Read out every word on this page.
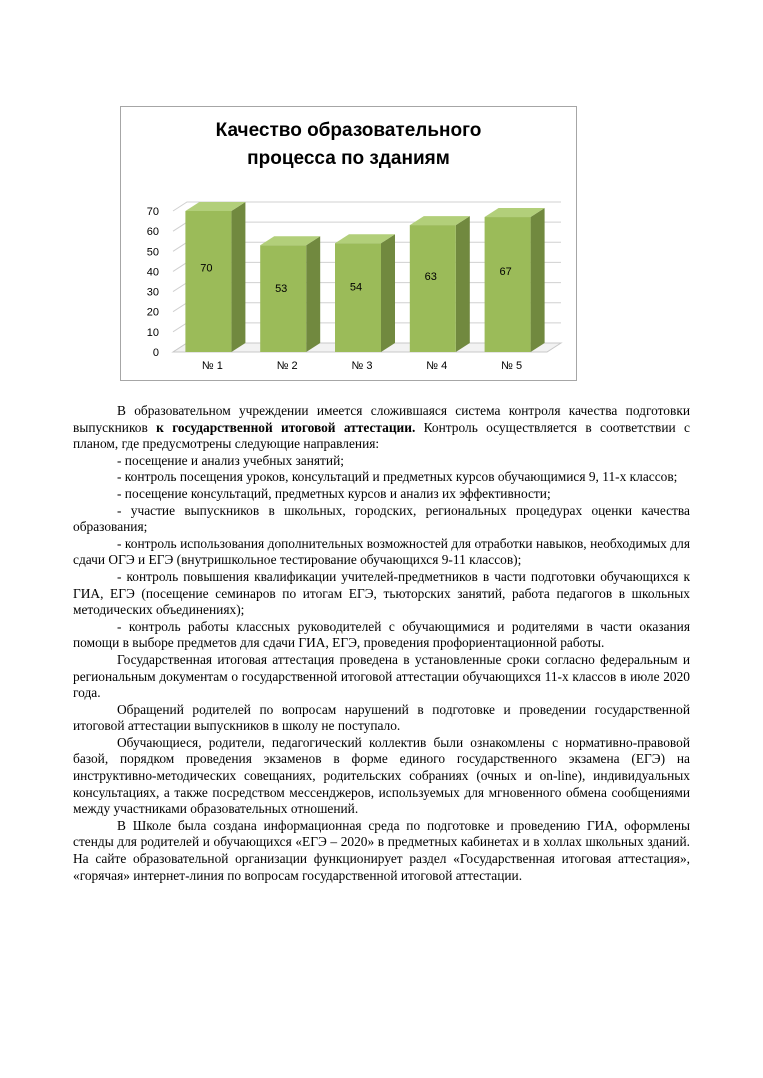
Качество образовательного
процесса по зданиям
0
10
20
30
40
50
60
70
70
№ 1
53
№ 2
54
№ 3
63
№ 4
67
№ 5

В образовательном учреждении имеется сложившаяся система контроля качества подготовки выпускников к государственной итоговой аттестации. Контроль осуществляется в соответствии с планом, где предусмотрены следующие направления:

- посещение и анализ учебных занятий;

- контроль посещения уроков, консультаций и предметных курсов обучающимися 9, 11-х классов;

- посещение консультаций, предметных курсов и анализ их эффективности;

- участие выпускников в школьных, городских, региональных процедурах оценки качества образования;

- контроль использования дополнительных возможностей для отработки навыков, необходимых для сдачи ОГЭ и ЕГЭ (внутришкольное тестирование обучающихся 9-11 классов);

- контроль повышения квалификации учителей-предметников в части подготовки обучающихся к ГИА, ЕГЭ (посещение семинаров по итогам ЕГЭ, тьюторских занятий, работа педагогов в школьных методических объединениях);

- контроль работы классных руководителей с обучающимися и родителями в части оказания помощи в выборе предметов для сдачи ГИА, ЕГЭ, проведения профориентационной работы.

Государственная итоговая аттестация проведена в установленные сроки согласно федеральным и региональным документам о государственной итоговой аттестации обучающихся 11-х классов в июле 2020 года.

Обращений родителей по вопросам нарушений в подготовке и проведении государственной итоговой аттестации выпускников в школу не поступало.

Обучающиеся, родители, педагогический коллектив были ознакомлены с нормативно-правовой базой, порядком проведения экзаменов в форме единого государственного экзамена (ЕГЭ) на инструктивно-методических совещаниях, родительских собраниях (очных и on-line), индивидуальных консультациях, а также посредством мессенджеров, используемых для мгновенного обмена сообщениями между участниками образовательных отношений.

В Школе была создана информационная среда по подготовке и проведению ГИА, оформлены стенды для родителей и обучающихся «ЕГЭ – 2020» в предметных кабинетах и в холлах школьных зданий. На сайте образовательной организации функционирует раздел «Государственная итоговая аттестация», «горячая» интернет-линия по вопросам государственной итоговой аттестации.
